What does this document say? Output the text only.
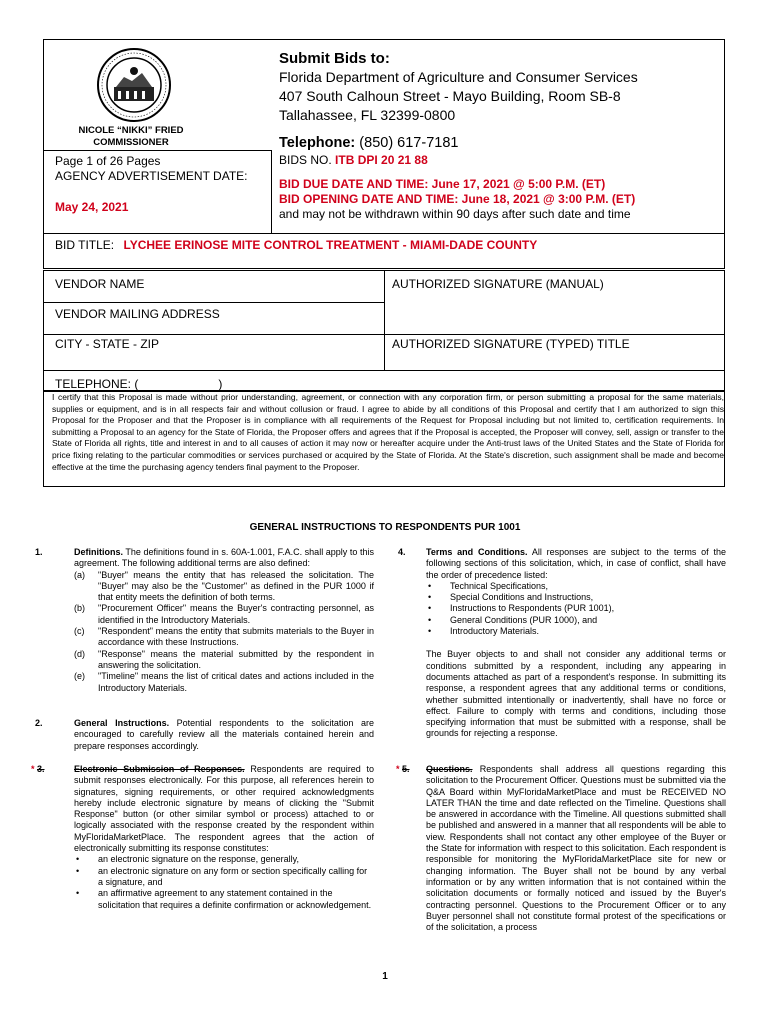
NICOLE “NIKKI” FRIED
COMMISSIONER
Submit Bids to:
Florida Department of Agriculture and Consumer Services
407 South Calhoun Street - Mayo Building, Room SB-8
Tallahassee, FL 32399-0800
Telephone: (850) 617-7181
Page 1 of 26 Pages
AGENCY ADVERTISEMENT DATE:
May 24, 2021
BIDS NO. ITB DPI 20 21 88
BID DUE DATE AND TIME: June 17, 2021 @ 5:00 P.M. (ET)
BID OPENING DATE AND TIME: June 18, 2021 @ 3:00 P.M. (ET)
and may not be withdrawn within 90 days after such date and time
BID TITLE: LYCHEE ERINOSE MITE CONTROL TREATMENT - MIAMI-DADE COUNTY
VENDOR NAME	AUTHORIZED SIGNATURE (MANUAL)
VENDOR MAILING ADDRESS
CITY - STATE - ZIP	AUTHORIZED SIGNATURE (TYPED) TITLE
TELEPHONE: (                        )
I certify that this Proposal is made without prior understanding, agreement, or connection with any corporation firm, or person submitting a proposal for the same materials, supplies or equipment, and is in all respects fair and without collusion or fraud. I agree to abide by all conditions of this Proposal and certify that I am authorized to sign this Proposal for the Proposer and that the Proposer is in compliance with all requirements of the Request for Proposal including but not limited to, certification requirements. In submitting a Proposal to an agency for the State of Florida, the Proposer offers and agrees that if the Proposal is accepted, the Proposer will convey, sell, assign or transfer to the State of Florida all rights, title and interest in and to all causes of action it may now or hereafter acquire under the Anti-trust laws of the United States and the State of Florida for price fixing relating to the particular commodities or services purchased or acquired by the State of Florida. At the State's discretion, such assignment shall be made and become effective at the time the purchasing agency tenders final payment to the Proposer.
GENERAL INSTRUCTIONS TO RESPONDENTS PUR 1001
1.	Definitions. The definitions found in s. 60A-1.001, F.A.C. shall apply to this agreement. The following additional terms are also defined:
(a)	"Buyer" means the entity that has released the solicitation. The "Buyer" may also be the "Customer" as defined in the PUR 1000 if that entity meets the definition of both terms.
(b)	"Procurement Officer" means the Buyer's contracting personnel, as identified in the Introductory Materials.
(c)	"Respondent" means the entity that submits materials to the Buyer in accordance with these Instructions.
(d)	"Response" means the material submitted by the respondent in answering the solicitation.
(e)	"Timeline" means the list of critical dates and actions included in the Introductory Materials.
2.	General Instructions. Potential respondents to the solicitation are encouraged to carefully review all the materials contained herein and prepare responses accordingly.
* 3.	Electronic Submission of Responses. Respondents are required to submit responses electronically. For this purpose, all references herein to signatures, signing requirements, or other required acknowledgments hereby include electronic signature by means of clicking the "Submit Response" button (or other similar symbol or process) attached to or logically associated with the response created by the respondent within MyFloridaMarketPlace. The respondent agrees that the action of electronically submitting its response constitutes:
•	an electronic signature on the response, generally,
•	an electronic signature on any form or section specifically calling for a signature, and
•	an affirmative agreement to any statement contained in the solicitation that requires a definite confirmation or acknowledgement.
4. Terms and Conditions. All responses are subject to the terms of the following sections of this solicitation, which, in case of conflict, shall have the order of precedence listed:
•	Technical Specifications,
•	Special Conditions and Instructions,
•	Instructions to Respondents (PUR 1001),
•	General Conditions (PUR 1000), and
•	Introductory Materials.
The Buyer objects to and shall not consider any additional terms or conditions submitted by a respondent, including any appearing in documents attached as part of a respondent's response. In submitting its response, a respondent agrees that any additional terms or conditions, whether submitted intentionally or inadvertently, shall have no force or effect. Failure to comply with terms and conditions, including those specifying information that must be submitted with a response, shall be grounds for rejecting a response.
* 5. Questions. Respondents shall address all questions regarding this solicitation to the Procurement Officer. Questions must be submitted via the Q&A Board within MyFloridaMarketPlace and must be RECEIVED NO LATER THAN the time and date reflected on the Timeline. Questions shall be answered in accordance with the Timeline. All questions submitted shall be published and answered in a manner that all respondents will be able to view. Respondents shall not contact any other employee of the Buyer or the State for information with respect to this solicitation. Each respondent is responsible for monitoring the MyFloridaMarketPlace site for new or changing information. The Buyer shall not be bound by any verbal information or by any written information that is not contained within the solicitation documents or formally noticed and issued by the Buyer's contracting personnel. Questions to the Procurement Officer or to any Buyer personnel shall not constitute formal protest of the specifications or of the solicitation, a process
1
